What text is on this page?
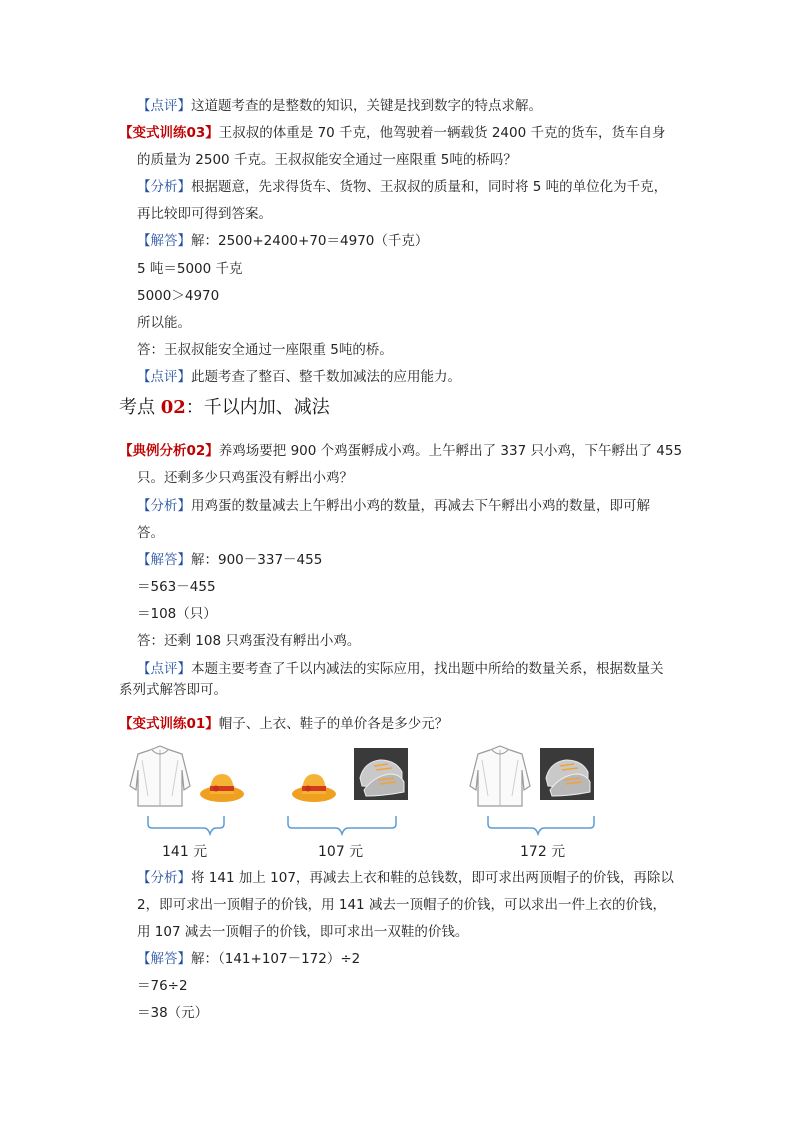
【点评】这道题考查的是整数的知识，关键是找到数字的特点求解。
【变式训练03】王叔叔的体重是 70 千克，他驾驶着一辆载货 2400 千克的货车，货车自身
的质量为 2500 千克。王叔叔能安全通过一座限重 5吨的桥吗？
【分析】根据题意，先求得货车、货物、王叔叔的质量和，同时将 5 吨的单位化为千克，
再比较即可得到答案。
【解答】解：2500+2400+70＝4970（千克）
5 吨＝5000 千克
5000＞4970
所以能。
答：王叔叔能安全通过一座限重 5吨的桥。
【点评】此题考查了整百、整千数加减法的应用能力。
考点 02：千以内加、减法
【典例分析02】养鸡场要把 900 个鸡蛋孵成小鸡。上午孵出了 337 只小鸡，下午孵出了 455
只。还剩多少只鸡蛋没有孵出小鸡？
【分析】用鸡蛋的数量减去上午孵出小鸡的数量，再减去下午孵出小鸡的数量，即可解
答。
【解答】解：900－337－455
＝563－455
＝108（只）
答：还剩 108 只鸡蛋没有孵出小鸡。
【点评】本题主要考查了千以内减法的实际应用，找出题中所给的数量关系，根据数量关
系列式解答即可。
【变式训练01】帽子、上衣、鞋子的单价各是多少元？
141 元	107 元	172 元
【分析】将 141 加上 107，再减去上衣和鞋的总钱数，即可求出两顶帽子的价钱，再除以
2，即可求出一顶帽子的价钱，用 141 减去一顶帽子的价钱，可以求出一件上衣的价钱，
用 107 减去一顶帽子的价钱，即可求出一双鞋的价钱。
【解答】解：（141+107－172）÷2
＝76÷2
＝38（元）
